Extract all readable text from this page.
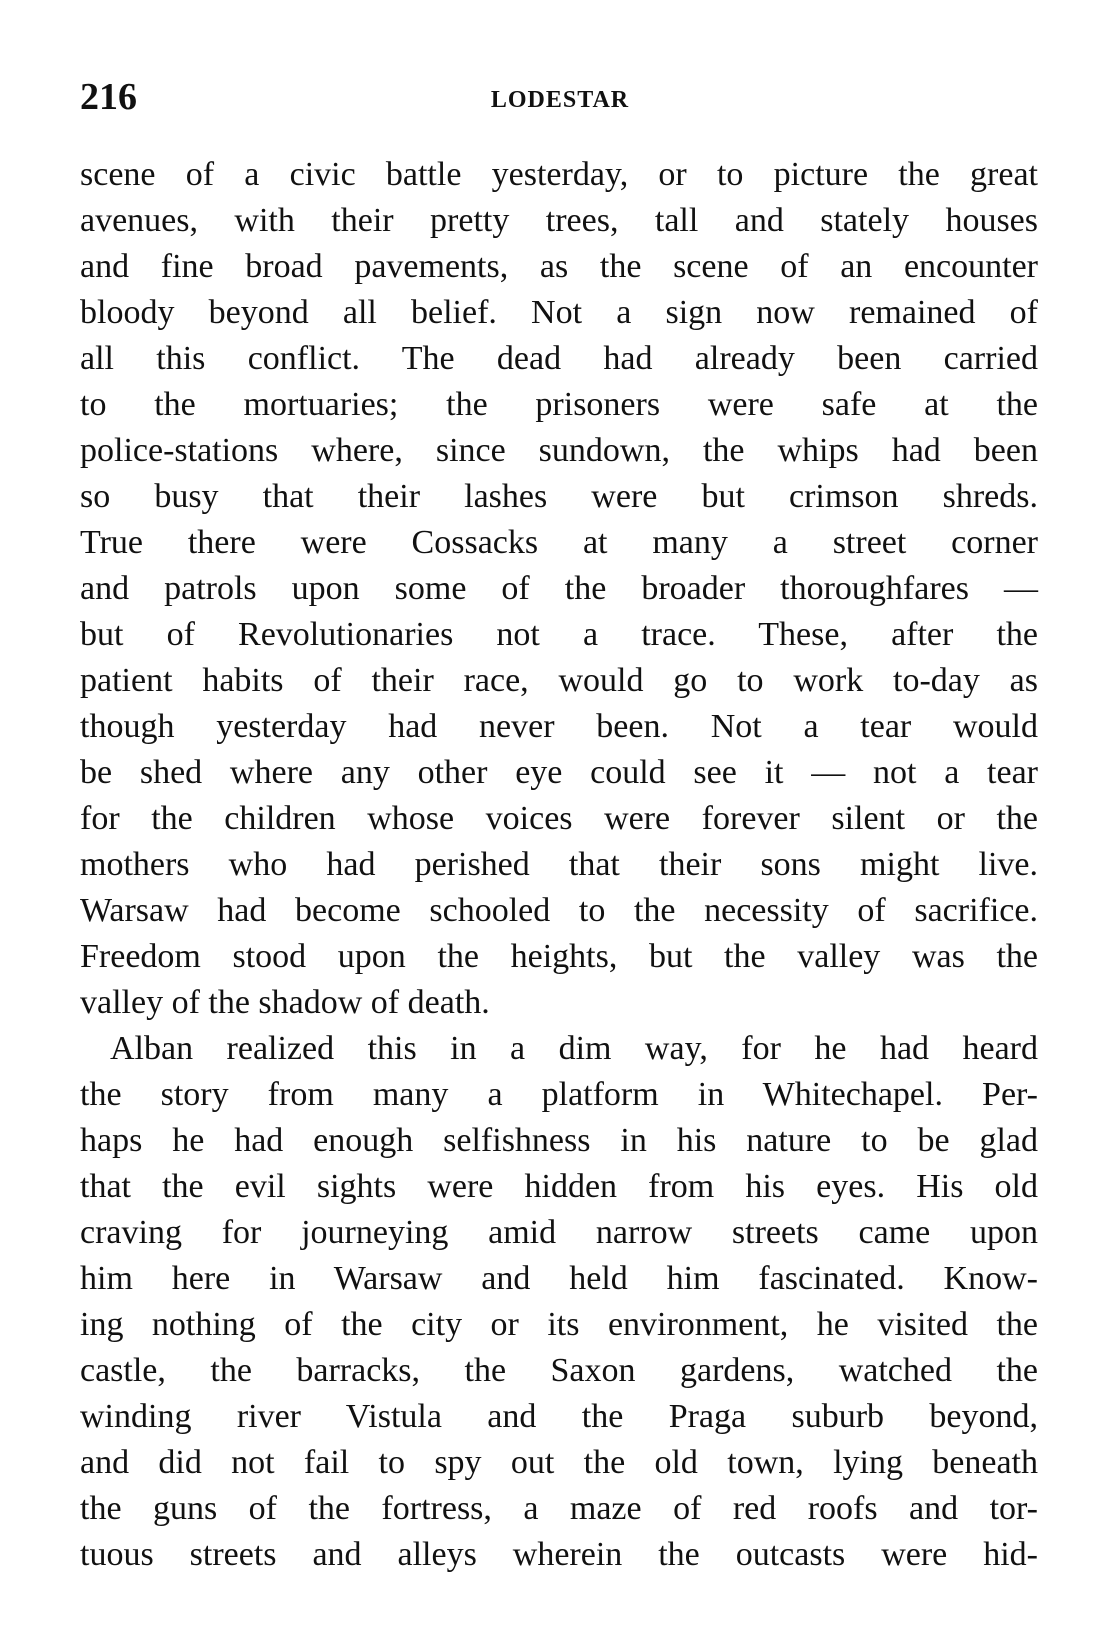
216	LODESTAR
scene of a civic battle yesterday, or to picture the great
avenues, with their pretty trees, tall and stately houses
and fine broad pavements, as the scene of an encounter
bloody beyond all belief. Not a sign now remained of
all this conflict. The dead had already been carried
to the mortuaries; the prisoners were safe at the
police-stations where, since sundown, the whips had been
so busy that their lashes were but crimson shreds.
True there were Cossacks at many a street corner
and patrols upon some of the broader thoroughfares —
but of Revolutionaries not a trace. These, after the
patient habits of their race, would go to work to-day as
though yesterday had never been. Not a tear would
be shed where any other eye could see it — not a tear
for the children whose voices were forever silent or the
mothers who had perished that their sons might live.
Warsaw had become schooled to the necessity of sacrifice.
Freedom stood upon the heights, but the valley was the
valley of the shadow of death.
Alban realized this in a dim way, for he had heard
the story from many a platform in Whitechapel. Per-
haps he had enough selfishness in his nature to be glad
that the evil sights were hidden from his eyes. His old
craving for journeying amid narrow streets came upon
him here in Warsaw and held him fascinated. Know-
ing nothing of the city or its environment, he visited the
castle, the barracks, the Saxon gardens, watched the
winding river Vistula and the Praga suburb beyond,
and did not fail to spy out the old town, lying beneath
the guns of the fortress, a maze of red roofs and tor-
tuous streets and alleys wherein the outcasts were hid-
